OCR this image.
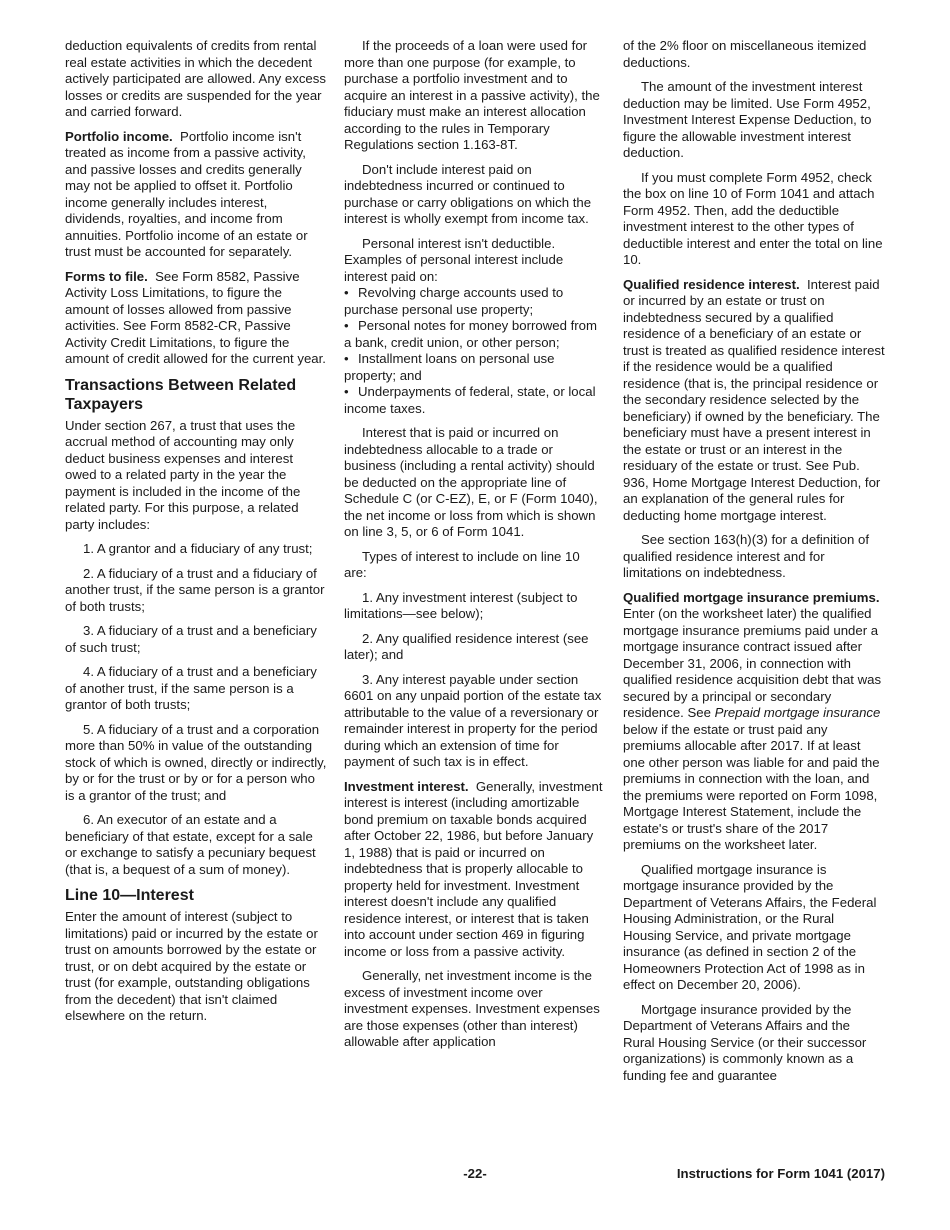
deduction equivalents of credits from rental real estate activities in which the decedent actively participated are allowed. Any excess losses or credits are suspended for the year and carried forward.

Portfolio income. Portfolio income isn't treated as income from a passive activity, and passive losses and credits generally may not be applied to offset it. Portfolio income generally includes interest, dividends, royalties, and income from annuities. Portfolio income of an estate or trust must be accounted for separately.

Forms to file. See Form 8582, Passive Activity Loss Limitations, to figure the amount of losses allowed from passive activities. See Form 8582-CR, Passive Activity Credit Limitations, to figure the amount of credit allowed for the current year.

Transactions Between Related Taxpayers

Under section 267, a trust that uses the accrual method of accounting may only deduct business expenses and interest owed to a related party in the year the payment is included in the income of the related party. For this purpose, a related party includes:

1. A grantor and a fiduciary of any trust;

2. A fiduciary of a trust and a fiduciary of another trust, if the same person is a grantor of both trusts;

3. A fiduciary of a trust and a beneficiary of such trust;

4. A fiduciary of a trust and a beneficiary of another trust, if the same person is a grantor of both trusts;

5. A fiduciary of a trust and a corporation more than 50% in value of the outstanding stock of which is owned, directly or indirectly, by or for the trust or by or for a person who is a grantor of the trust; and

6. An executor of an estate and a beneficiary of that estate, except for a sale or exchange to satisfy a pecuniary bequest (that is, a bequest of a sum of money).

Line 10—Interest

Enter the amount of interest (subject to limitations) paid or incurred by the estate or trust on amounts borrowed by the estate or trust, or on debt acquired by the estate or trust (for example, outstanding obligations from the decedent) that isn't claimed elsewhere on the return.

If the proceeds of a loan were used for more than one purpose (for example, to purchase a portfolio investment and to acquire an interest in a passive activity), the fiduciary must make an interest allocation according to the rules in Temporary Regulations section 1.163-8T.

Don't include interest paid on indebtedness incurred or continued to purchase or carry obligations on which the interest is wholly exempt from income tax.

Personal interest isn't deductible. Examples of personal interest include interest paid on:

• Revolving charge accounts used to purchase personal use property;

• Personal notes for money borrowed from a bank, credit union, or other person;

• Installment loans on personal use property; and

• Underpayments of federal, state, or local income taxes.

Interest that is paid or incurred on indebtedness allocable to a trade or business (including a rental activity) should be deducted on the appropriate line of Schedule C (or C-EZ), E, or F (Form 1040), the net income or loss from which is shown on line 3, 5, or 6 of Form 1041.

Types of interest to include on line 10 are:

1. Any investment interest (subject to limitations—see below);

2. Any qualified residence interest (see later); and

3. Any interest payable under section 6601 on any unpaid portion of the estate tax attributable to the value of a reversionary or remainder interest in property for the period during which an extension of time for payment of such tax is in effect.

Investment interest. Generally, investment interest is interest (including amortizable bond premium on taxable bonds acquired after October 22, 1986, but before January 1, 1988) that is paid or incurred on indebtedness that is properly allocable to property held for investment. Investment interest doesn't include any qualified residence interest, or interest that is taken into account under section 469 in figuring income or loss from a passive activity.

Generally, net investment income is the excess of investment income over investment expenses. Investment expenses are those expenses (other than interest) allowable after application

of the 2% floor on miscellaneous itemized deductions.

The amount of the investment interest deduction may be limited. Use Form 4952, Investment Interest Expense Deduction, to figure the allowable investment interest deduction.

If you must complete Form 4952, check the box on line 10 of Form 1041 and attach Form 4952. Then, add the deductible investment interest to the other types of deductible interest and enter the total on line 10.

Qualified residence interest. Interest paid or incurred by an estate or trust on indebtedness secured by a qualified residence of a beneficiary of an estate or trust is treated as qualified residence interest if the residence would be a qualified residence (that is, the principal residence or the secondary residence selected by the beneficiary) if owned by the beneficiary. The beneficiary must have a present interest in the estate or trust or an interest in the residuary of the estate or trust. See Pub. 936, Home Mortgage Interest Deduction, for an explanation of the general rules for deducting home mortgage interest.

See section 163(h)(3) for a definition of qualified residence interest and for limitations on indebtedness.

Qualified mortgage insurance premiums.  Enter (on the worksheet later) the qualified mortgage insurance premiums paid under a mortgage insurance contract issued after December 31, 2006, in connection with qualified residence acquisition debt that was secured by a principal or secondary residence. See Prepaid mortgage insurance below if the estate or trust paid any premiums allocable after 2017. If at least one other person was liable for and paid the premiums in connection with the loan, and the premiums were reported on Form 1098, Mortgage Interest Statement, include the estate's or trust's share of the 2017 premiums on the worksheet later.

Qualified mortgage insurance is mortgage insurance provided by the Department of Veterans Affairs, the Federal Housing Administration, or the Rural Housing Service, and private mortgage insurance (as defined in section 2 of the Homeowners Protection Act of 1998 as in effect on December 20, 2006).

Mortgage insurance provided by the Department of Veterans Affairs and the Rural Housing Service (or their successor organizations) is commonly known as a funding fee and guarantee

-22-	Instructions for Form 1041 (2017)
